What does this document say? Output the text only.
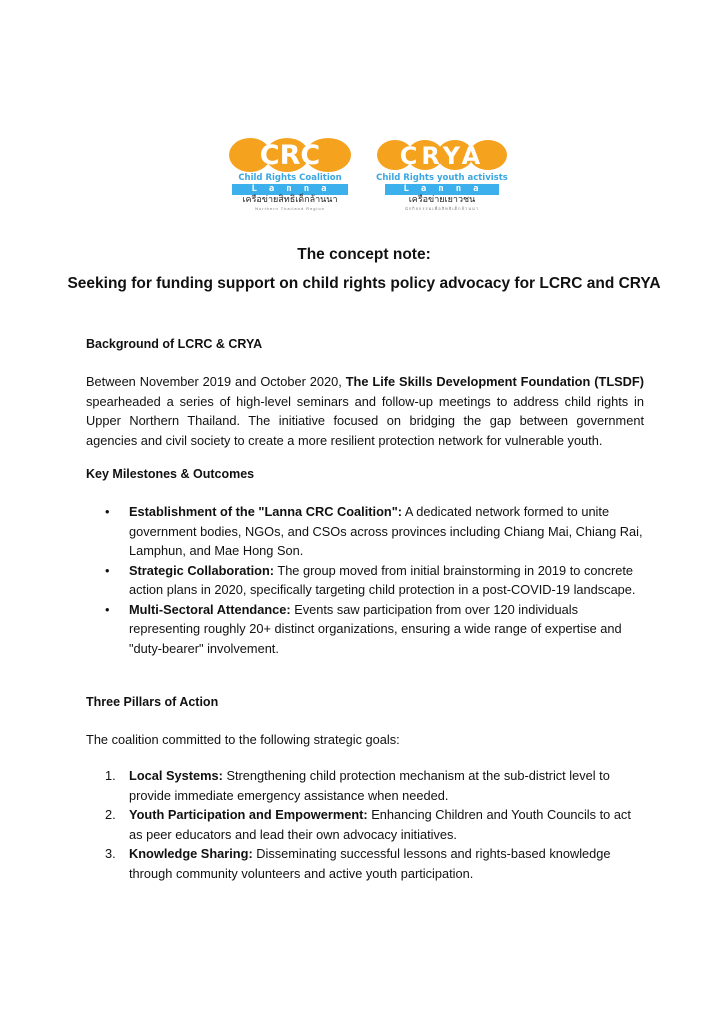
CRC
Child Rights Coalition
Lanna
เครือข่ายสิทธิเด็กล้านนา
Northern Thailand Region
CRYA
Child Rights youth activists
Lanna
เครือข่ายเยาวชน
นักกิจกรรมเพื่อสิทธิเด็กล้านนา
The concept note:
Seeking for funding support on child rights policy advocacy for LCRC and CRYA
Background of LCRC & CRYA
Between November 2019 and October 2020, The Life Skills Development Foundation (TLSDF) spearheaded a series of high-level seminars and follow-up meetings to address child rights in Upper Northern Thailand. The initiative focused on bridging the gap between government agencies and civil society to create a more resilient protection network for vulnerable youth.
Key Milestones & Outcomes
• Establishment of the "Lanna CRC Coalition": A dedicated network formed to unite government bodies, NGOs, and CSOs across provinces including Chiang Mai, Chiang Rai, Lamphun, and Mae Hong Son.
• Strategic Collaboration: The group moved from initial brainstorming in 2019 to concrete action plans in 2020, specifically targeting child protection in a post-COVID-19 landscape.
• Multi-Sectoral Attendance: Events saw participation from over 120 individuals representing roughly 20+ distinct organizations, ensuring a wide range of expertise and "duty-bearer" involvement.
Three Pillars of Action
The coalition committed to the following strategic goals:
1. Local Systems: Strengthening child protection mechanism at the sub-district level to provide immediate emergency assistance when needed.
2. Youth Participation and Empowerment: Enhancing Children and Youth Councils to act as peer educators and lead their own advocacy initiatives.
3. Knowledge Sharing: Disseminating successful lessons and rights-based knowledge through community volunteers and active youth participation.
